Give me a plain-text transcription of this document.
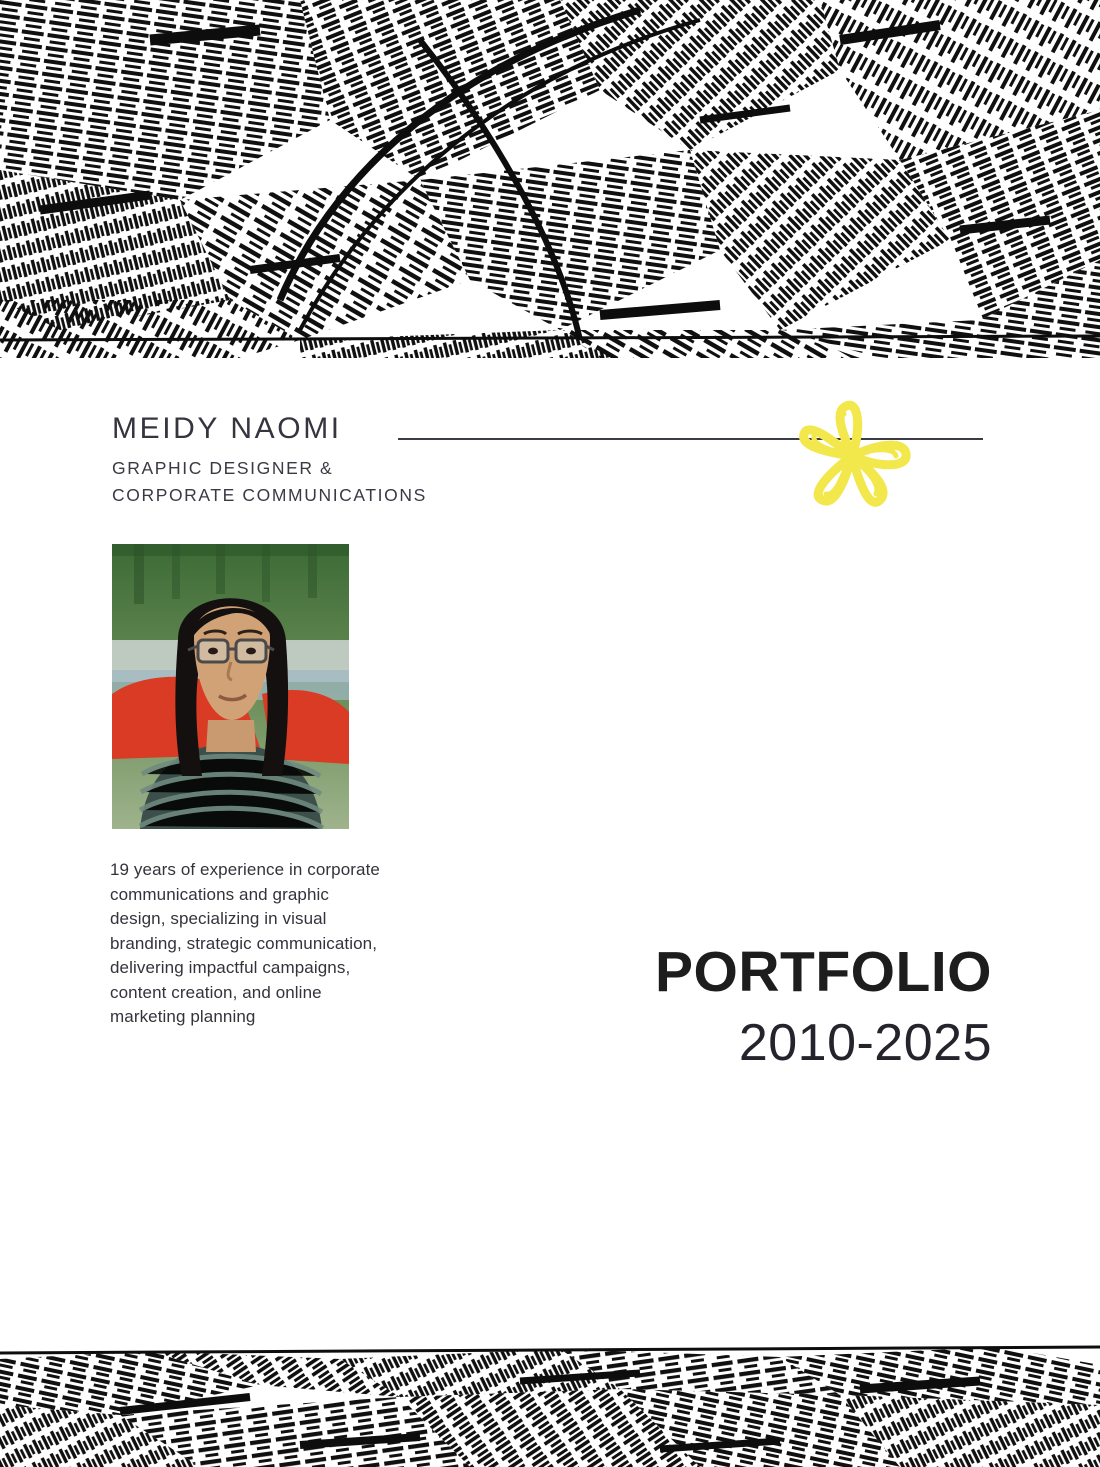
MEIDY NAOMI
GRAPHIC DESIGNER &
CORPORATE COMMUNICATIONS
19 years of experience in corporate communications and graphic design, specializing in visual branding, strategic communication, delivering impactful campaigns, content creation, and online marketing planning
PORTFOLIO
2010-2025
